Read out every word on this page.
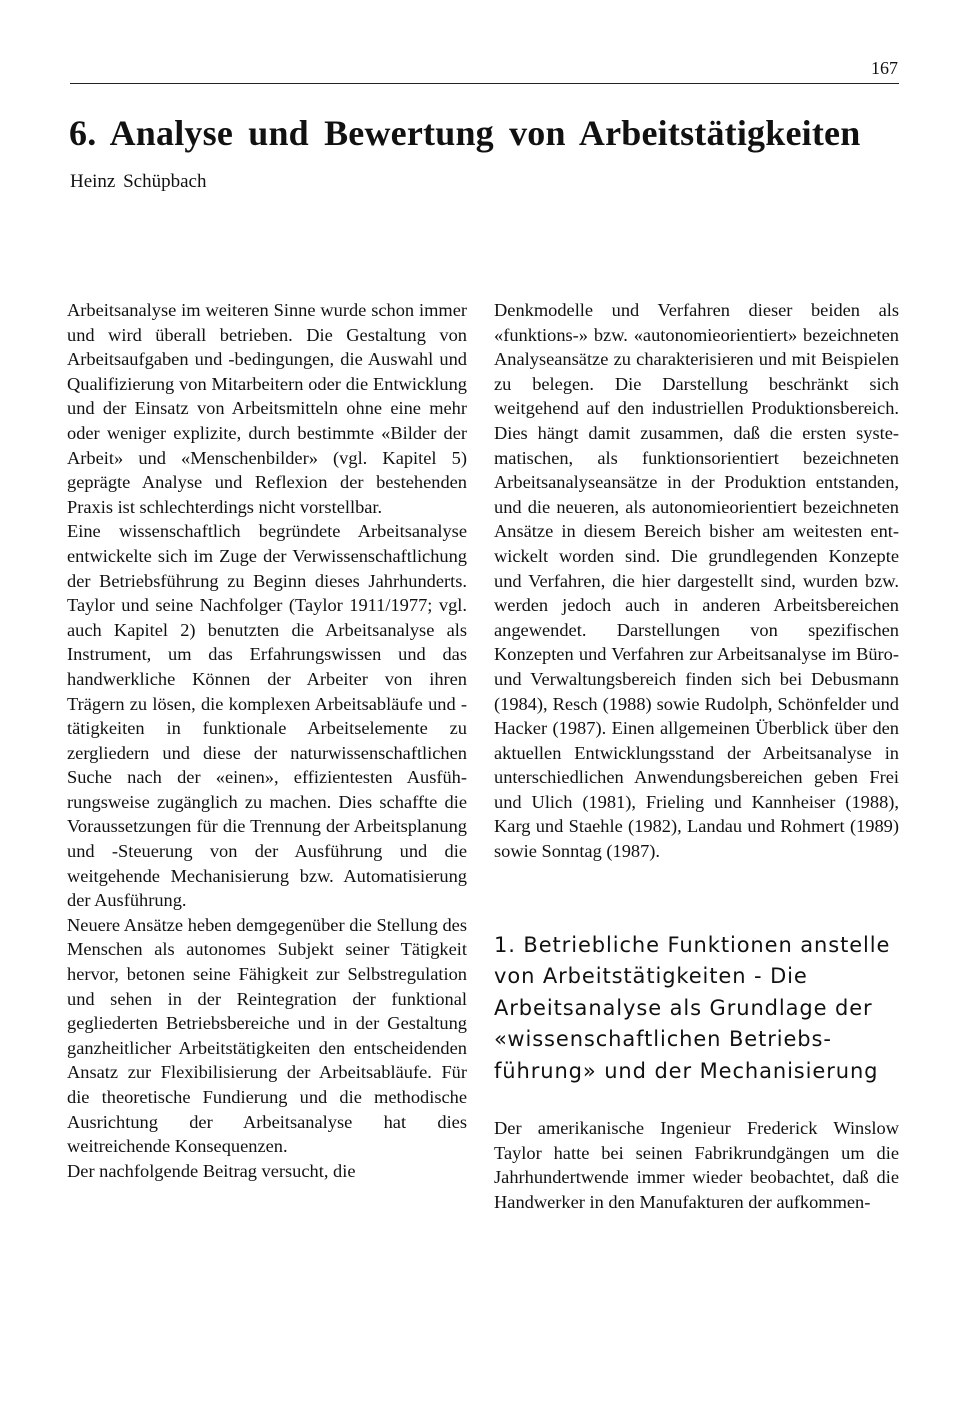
167
6. Analyse und Bewertung von Arbeitstätigkeiten
Heinz Schüpbach

Arbeitsanalyse im weiteren Sinne wurde schon immer und wird überall betrieben. Die Gestaltung von Arbeitsaufgaben und -bedingungen, die Auswahl und Qualifizierung von Mitarbeitern oder die Entwicklung und der Einsatz von Arbeitsmitteln ohne eine mehr oder weniger explizite, durch bestimmte «Bilder der Arbeit» und «Menschenbilder» (vgl. Kapitel 5) geprägte Analyse und Reflexion der bestehenden Praxis ist schlechterdings nicht vorstellbar.

Eine wissenschaftlich begründete Arbeitsanalyse entwickelte sich im Zuge der Verwissenschaftlichung der Betriebsführung zu Beginn dieses Jahrhunderts. Taylor und seine Nachfolger (Taylor 1911/1977; vgl. auch Kapitel 2) benutzten die Arbeitsanalyse als Instrument, um das Erfahrungswissen und das handwerkliche Können der Arbeiter von ihren Trägern zu lösen, die komplexen Arbeitsabläufe und -tätigkeiten in funktionale Arbeitselemente zu zergliedern und diese der naturwissenschaftlichen Suche nach der «einen», effizientesten Ausführungsweise zugänglich zu machen. Dies schaffte die Voraussetzungen für die Trennung der Arbeitsplanung und -Steuerung von der Ausführung und die weitgehende Mechanisierung bzw. Automatisierung der Ausführung.

Neuere Ansätze heben demgegenüber die Stellung des Menschen als autonomes Subjekt seiner Tätigkeit hervor, betonen seine Fähigkeit zur Selbstregulation und sehen in der Reintegration der funktional gegliederten Betriebsbereiche und in der Gestaltung ganzheitlicher Arbeitstätigkeiten den entscheidenden Ansatz zur Flexibilisierung der Arbeitsabläufe. Für die theoretische Fundierung und die methodische Ausrichtung der Arbeitsanalyse hat dies weitreichende Konsequenzen.

Der nachfolgende Beitrag versucht, die

Denkmodelle und Verfahren dieser beiden als «funktions-» bzw. «autonomieorientiert» bezeichneten Analyseansätze zu charakterisieren und mit Beispielen zu belegen. Die Darstellung beschränkt sich weitgehend auf den industriellen Produktionsbereich. Dies hängt damit zusammen, daß die ersten systematischen, als funktionsorientiert bezeichneten Arbeitsanalyseansätze in der Produktion entstanden, und die neueren, als autonomieorientiert bezeichneten Ansätze in diesem Bereich bisher am weitesten entwickelt worden sind. Die grundlegenden Konzepte und Verfahren, die hier dargestellt sind, wurden bzw. werden jedoch auch in anderen Arbeitsbereichen angewendet. Darstellungen von spezifischen Konzepten und Verfahren zur Arbeitsanalyse im Büro- und Verwaltungsbereich finden sich bei Debusmann (1984), Resch (1988) sowie Rudolph, Schönfelder und Hacker (1987). Einen allgemeinen Überblick über den aktuellen Entwicklungsstand der Arbeitsanalyse in unterschiedlichen Anwendungsbereichen geben Frei und Ulich (1981), Frieling und Kannheiser (1988), Karg und Staehle (1982), Landau und Rohmert (1989) sowie Sonntag (1987).

1. Betriebliche Funktionen anstelle von Arbeitstätigkeiten - Die Arbeitsanalyse als Grundlage der «wissenschaftlichen Betriebsführung» und der Mechanisierung

Der amerikanische Ingenieur Frederick Winslow Taylor hatte bei seinen Fabrikrundgängen um die Jahrhundertwende immer wieder beobachtet, daß die Handwerker in den Manufakturen der aufkommen-
